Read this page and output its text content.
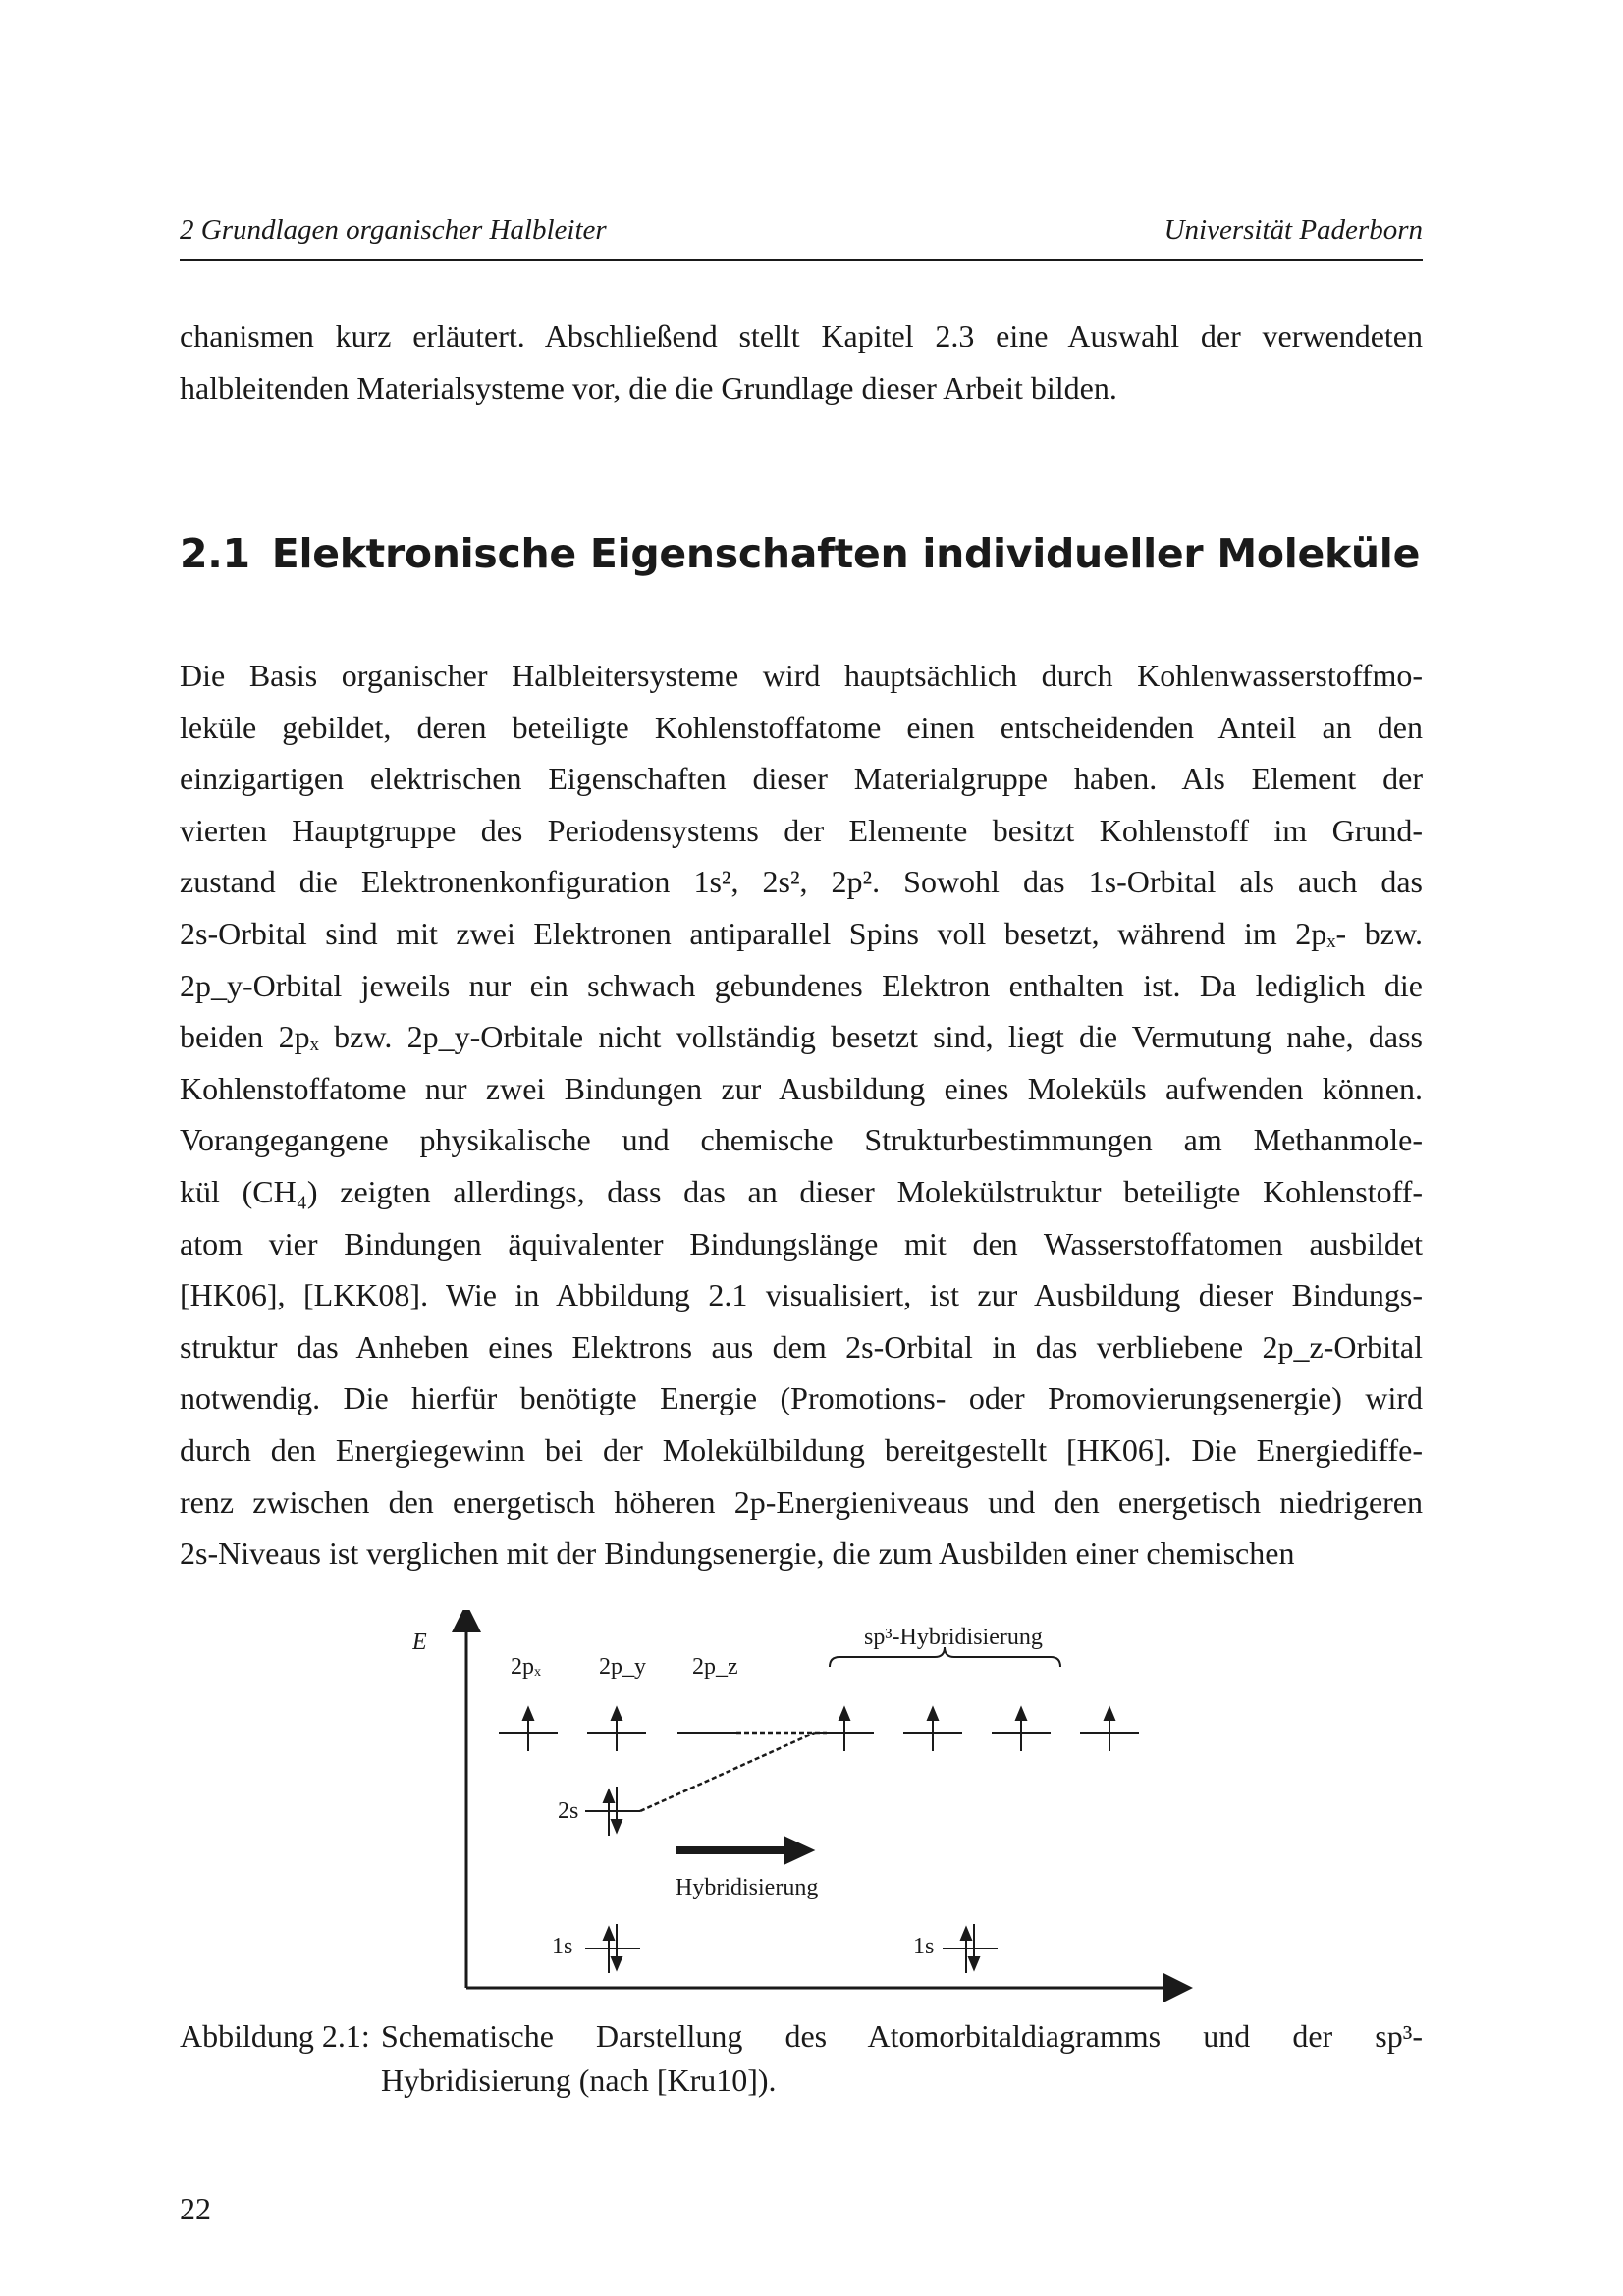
2 Grundlagen organischer Halbleiter	Universität Paderborn
chanismen kurz erläutert. Abschließend stellt Kapitel 2.3 eine Auswahl der verwendeten
halbleitenden Materialsysteme vor, die die Grundlage dieser Arbeit bilden.
2.1 Elektronische Eigenschaften individueller Moleküle
Die Basis organischer Halbleitersysteme wird hauptsächlich durch Kohlenwasserstoffmo-
leküle gebildet, deren beteiligte Kohlenstoffatome einen entscheidenden Anteil an den
einzigartigen elektrischen Eigenschaften dieser Materialgruppe haben. Als Element der
vierten Hauptgruppe des Periodensystems der Elemente besitzt Kohlenstoff im Grund-
zustand die Elektronenkonfiguration 1s², 2s², 2p². Sowohl das 1s-Orbital als auch das
2s-Orbital sind mit zwei Elektronen antiparallel Spins voll besetzt, während im 2pₓ- bzw.
2p_y-Orbital jeweils nur ein schwach gebundenes Elektron enthalten ist. Da lediglich die
beiden 2pₓ bzw. 2p_y-Orbitale nicht vollständig besetzt sind, liegt die Vermutung nahe, dass
Kohlenstoffatome nur zwei Bindungen zur Ausbildung eines Moleküls aufwenden können.
Vorangegangene physikalische und chemische Strukturbestimmungen am Methanmole-
kül (CH₄) zeigten allerdings, dass das an dieser Molekülstruktur beteiligte Kohlenstoff-
atom vier Bindungen äquivalenter Bindungslänge mit den Wasserstoffatomen ausbildet
[HK06], [LKK08]. Wie in Abbildung 2.1 visualisiert, ist zur Ausbildung dieser Bindungs-
struktur das Anheben eines Elektrons aus dem 2s-Orbital in das verbliebene 2p_z-Orbital
notwendig. Die hierfür benötigte Energie (Promotions- oder Promovierungsenergie) wird
durch den Energiegewinn bei der Molekülbildung bereitgestellt [HK06]. Die Energiediffe-
renz zwischen den energetisch höheren 2p-Energieniveaus und den energetisch niedrigeren
2s-Niveaus ist verglichen mit der Bindungsenergie, die zum Ausbilden einer chemischen
E
2pₓ 2p_y 2p_z
sp³-Hybridisierung
2s
Hybridisierung
1s	1s
Abbildung 2.1: Schematische Darstellung des Atomorbitaldiagramms und der sp³-
Hybridisierung (nach [Kru10]).
22
